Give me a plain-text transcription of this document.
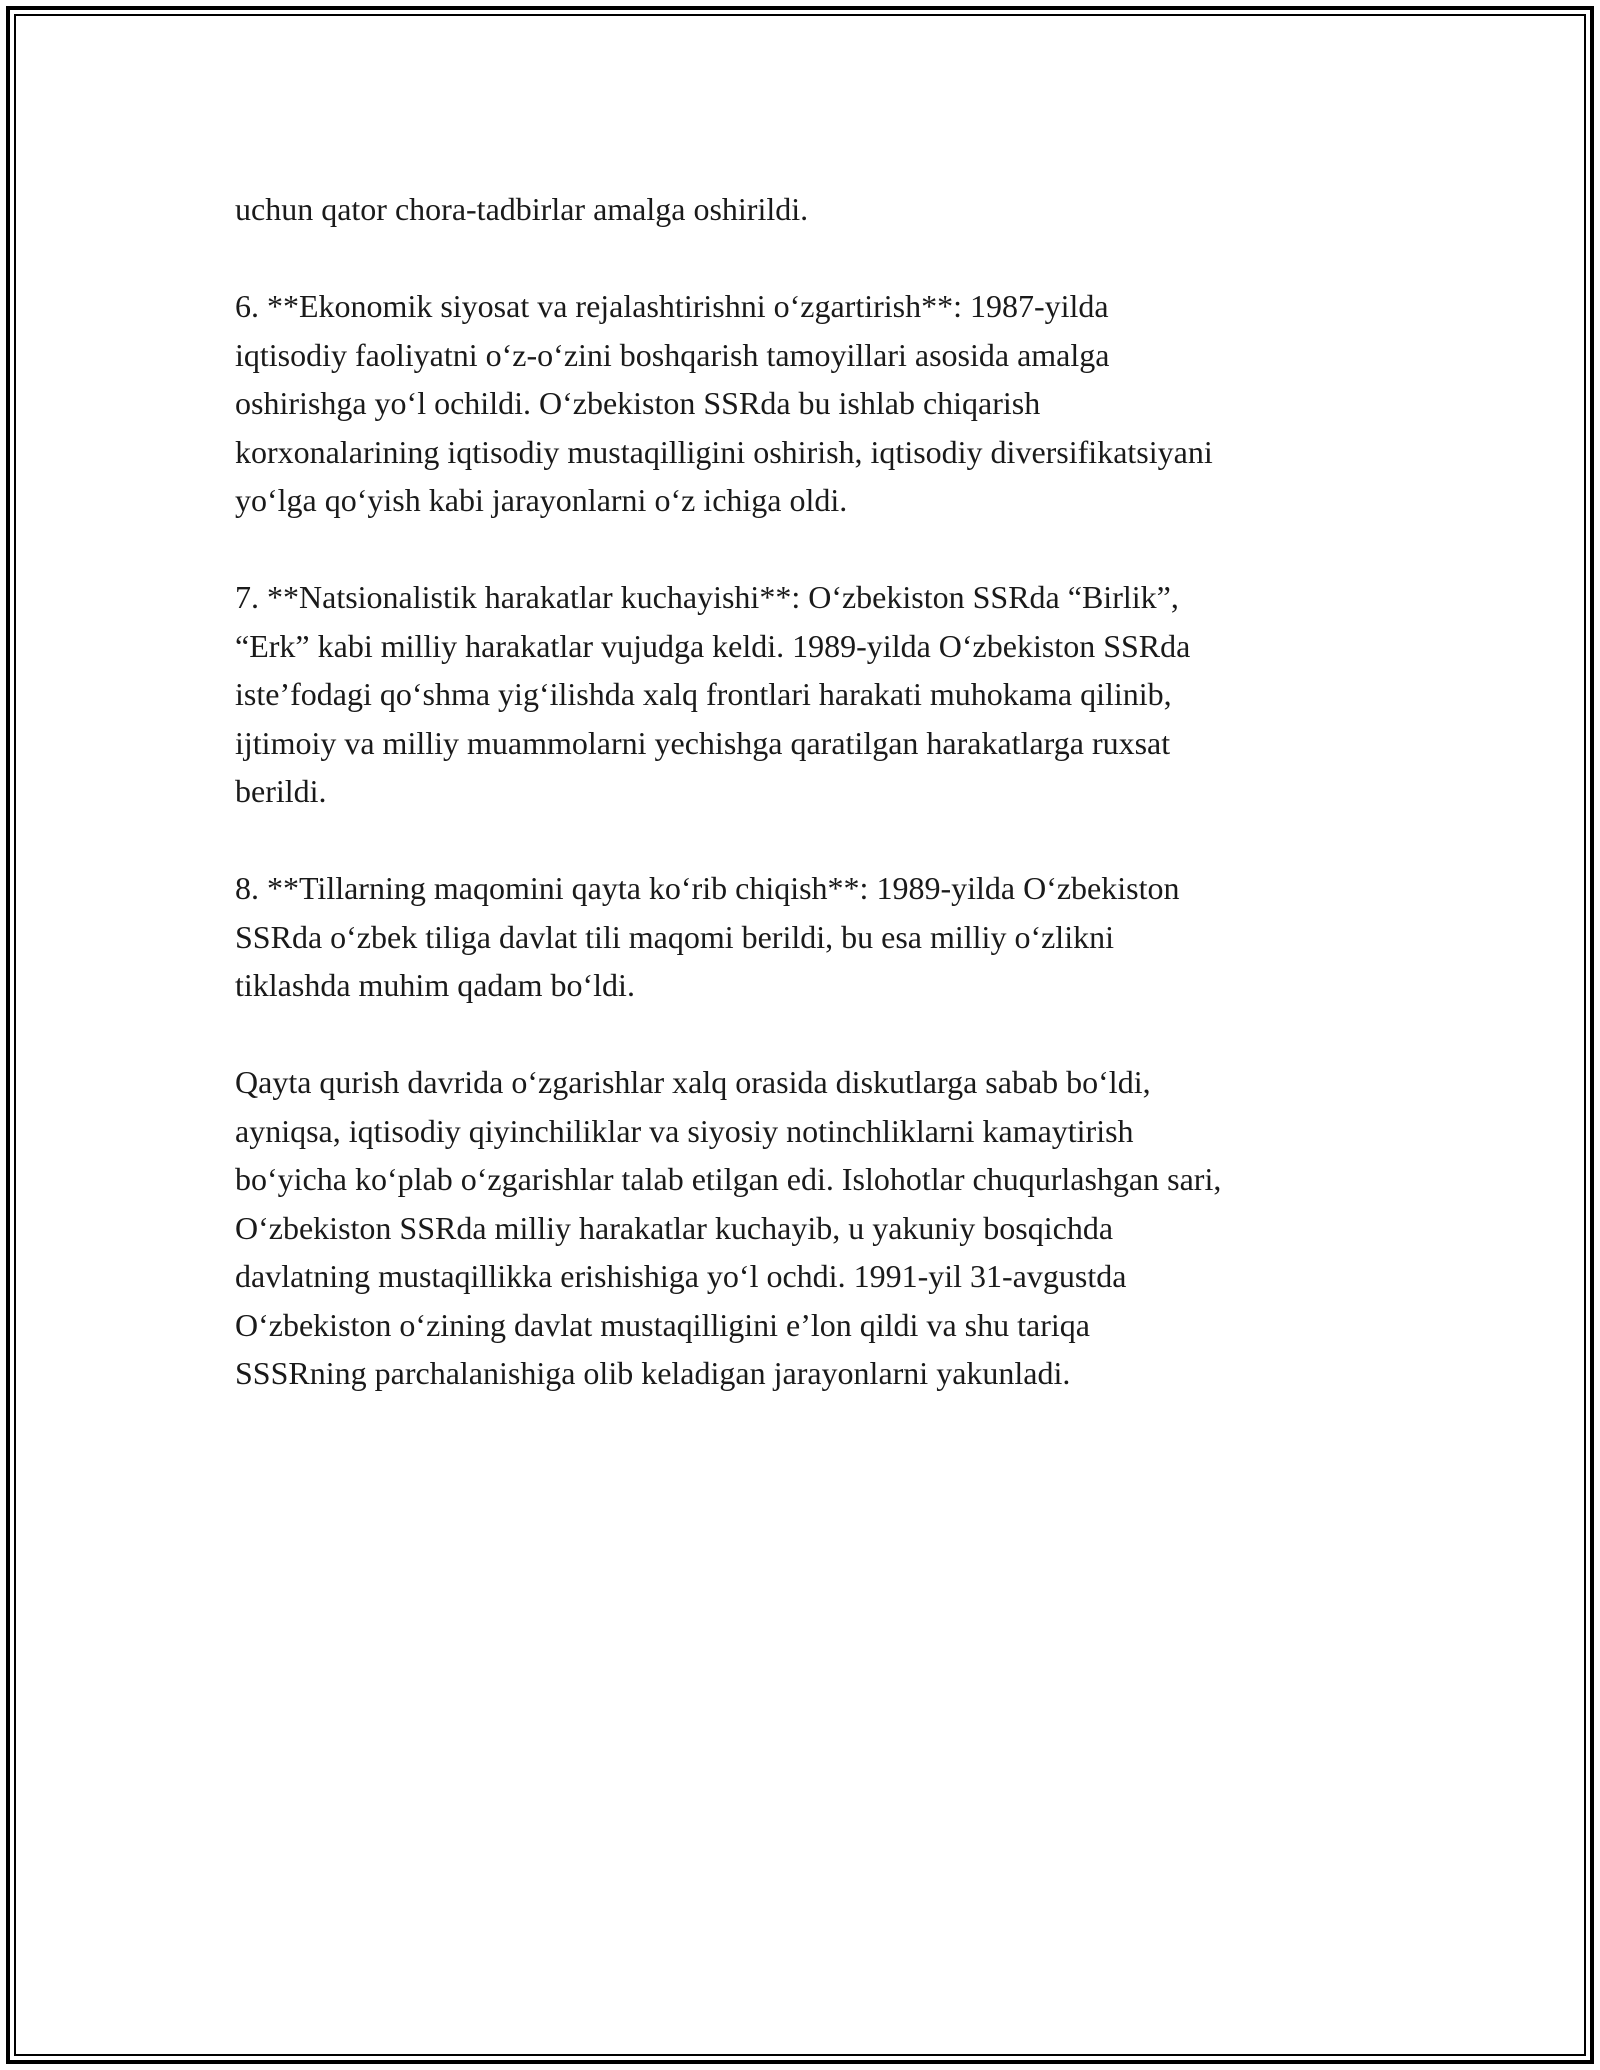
uchun qator chora-tadbirlar amalga oshirildi.
6. **Ekonomik siyosat va rejalashtirishni o‘zgartirish**: 1987-yilda
iqtisodiy faoliyatni o‘z-o‘zini boshqarish tamoyillari asosida amalga
oshirishga yo‘l ochildi. O‘zbekiston SSRda bu ishlab chiqarish
korxonalarining iqtisodiy mustaqilligini oshirish, iqtisodiy diversifikatsiyani
yo‘lga qo‘yish kabi jarayonlarni o‘z ichiga oldi.
7. **Natsionalistik harakatlar kuchayishi**: O‘zbekiston SSRda “Birlik”,
“Erk” kabi milliy harakatlar vujudga keldi. 1989-yilda O‘zbekiston SSRda
iste’fodagi qo‘shma yig‘ilishda xalq frontlari harakati muhokama qilinib,
ijtimoiy va milliy muammolarni yechishga qaratilgan harakatlarga ruxsat
berildi.
8. **Tillarning maqomini qayta ko‘rib chiqish**: 1989-yilda O‘zbekiston
SSRda o‘zbek tiliga davlat tili maqomi berildi, bu esa milliy o‘zlikni
tiklashda muhim qadam bo‘ldi.
Qayta qurish davrida o‘zgarishlar xalq orasida diskutlarga sabab bo‘ldi,
ayniqsa, iqtisodiy qiyinchiliklar va siyosiy notinchliklarni kamaytirish
bo‘yicha ko‘plab o‘zgarishlar talab etilgan edi. Islohotlar chuqurlashgan sari,
O‘zbekiston SSRda milliy harakatlar kuchayib, u yakuniy bosqichda
davlatning mustaqillikka erishishiga yo‘l ochdi. 1991-yil 31-avgustda
O‘zbekiston o‘zining davlat mustaqilligini e’lon qildi va shu tariqa
SSSRning parchalanishiga olib keladigan jarayonlarni yakunladi.
